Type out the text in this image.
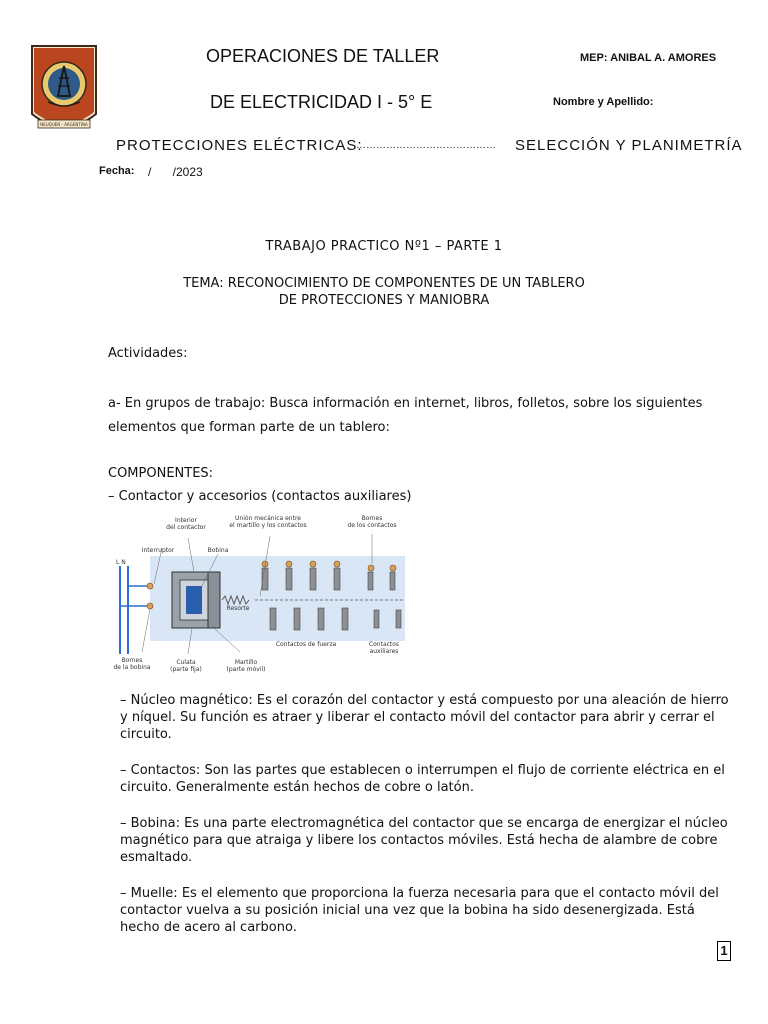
NEUQUEN - ARGENTINA
OPERACIONES DE TALLER
DE ELECTRICIDAD I - 5° E
MEP: ANIBAL A. AMORES
Nombre y Apellido:
PROTECCIONES ELÉCTRICAS:
…………………………………… SELECCIÓN Y PLANIMETRÍA
Fecha: / /2023
TRABAJO PRACTICO Nº1 – PARTE 1
TEMA: RECONOCIMIENTO DE COMPONENTES DE UN TABLERO
DE PROTECCIONES Y MANIOBRA
Actividades:
a- En grupos de trabajo: Busca información en internet, libros, folletos, sobre los siguientes elementos que forman parte de un tablero:
COMPONENTES:
– Contactor y accesorios (contactos auxiliares)
Interior del contactor
Unión mecánica entre el martillo y los contactos
Bornes de los contactos
Interruptor	Bobina
L N
Resorte
Contactos de fuerza	Contactos auxiliares
Bornes de la bobina
Culata (parte fija)
Martillo (parte móvil)
– Núcleo magnético: Es el corazón del contactor y está compuesto por una aleación de hierro y níquel. Su función es atraer y liberar el contacto móvil del contactor para abrir y cerrar el circuito.
– Contactos: Son las partes que establecen o interrumpen el flujo de corriente eléctrica en el circuito. Generalmente están hechos de cobre o latón.
– Bobina: Es una parte electromagnética del contactor que se encarga de energizar el núcleo magnético para que atraiga y libere los contactos móviles. Está hecha de alambre de cobre esmaltado.
– Muelle: Es el elemento que proporciona la fuerza necesaria para que el contacto móvil del contactor vuelva a su posición inicial una vez que la bobina ha sido desenergizada. Está hecho de acero al carbono.
1
